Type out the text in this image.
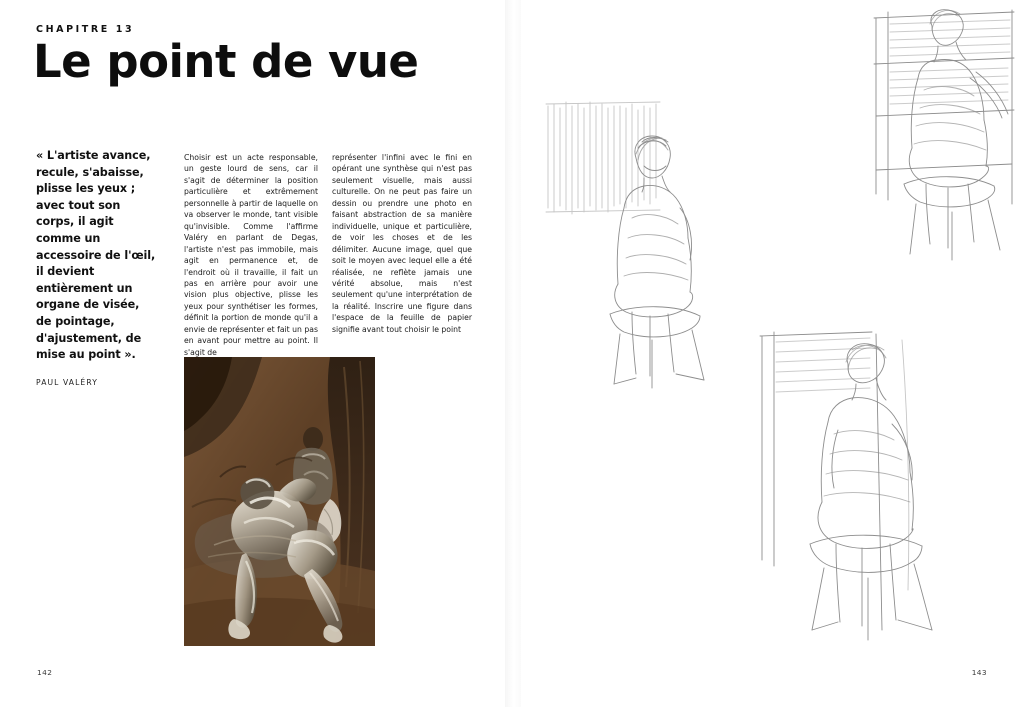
CHAPITRE 13
Le point de vue
« L'artiste avance, recule, s'abaisse, plisse les yeux ; avec tout son corps, il agit comme un accessoire de l'œil, il devient entièrement un organe de visée, de pointage, d'ajustement, de mise au point ».
PAUL VALÉRY
Choisir est un acte responsable, un geste lourd de sens, car il s'agit de déterminer la position particulière et extrêmement personnelle à partir de laquelle on va observer le monde, tant visible qu'invisible. Comme l'affirme Valéry en parlant de Degas, l'artiste n'est pas immobile, mais agit en permanence et, de l'endroit où il travaille, il fait un pas en arrière pour avoir une vision plus objective, plisse les yeux pour synthétiser les formes, définit la portion de monde qu'il a envie de représenter et fait un pas en avant pour mettre au point. Il s'agit de
représenter l'infini avec le fini en opérant une synthèse qui n'est pas seulement visuelle, mais aussi culturelle. On ne peut pas faire un dessin ou prendre une photo en faisant abstraction de sa manière individuelle, unique et particulière, de voir les choses et de les délimiter. Aucune image, quel que soit le moyen avec lequel elle a été réalisée, ne reflète jamais une vérité absolue, mais n'est seulement qu'une interprétation de la réalité. Inscrire une figure dans l'espace de la feuille de papier signifie avant tout choisir le point
142	143
